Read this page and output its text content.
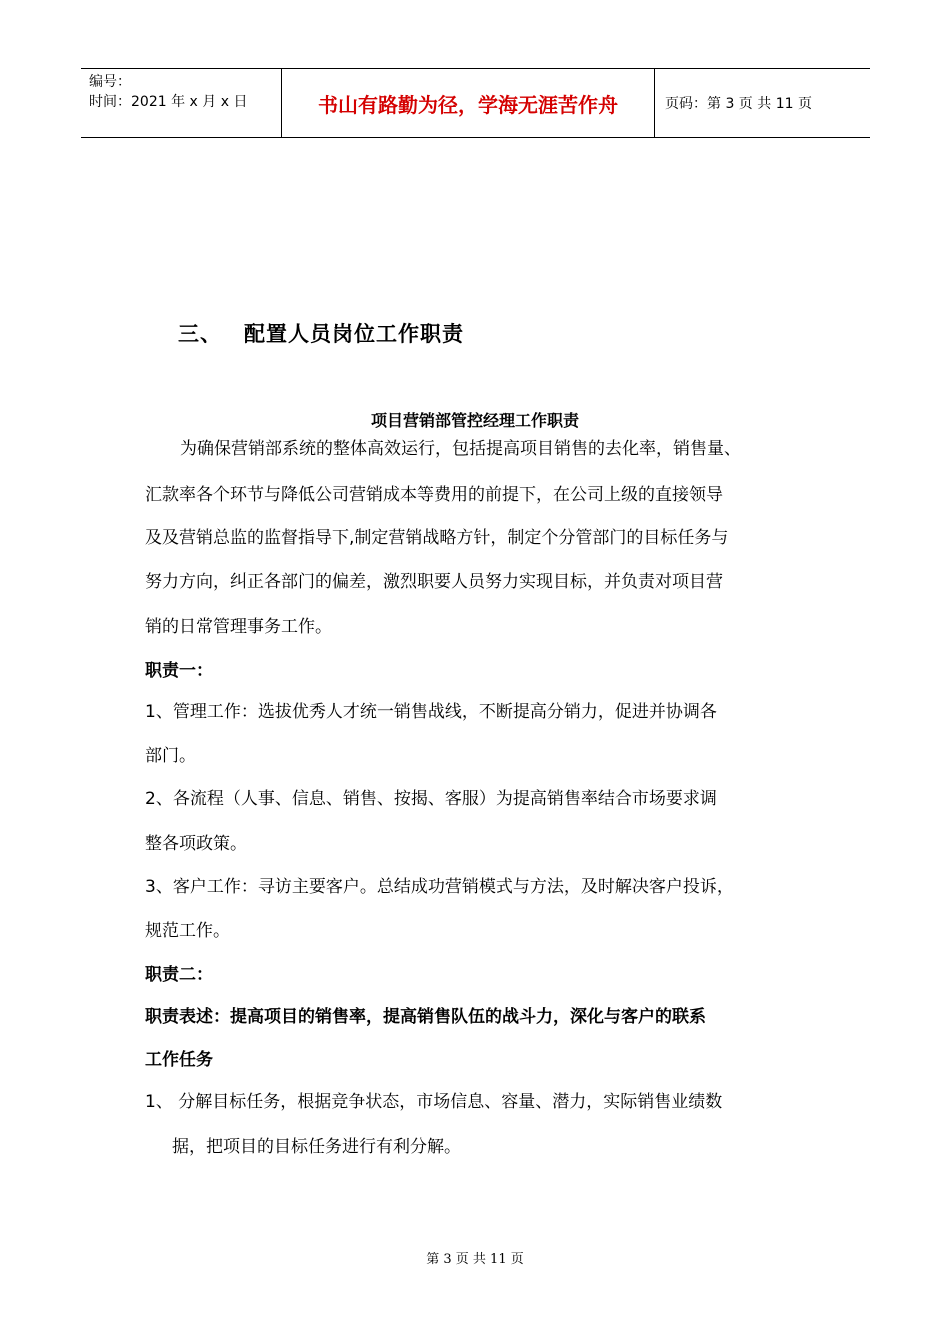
编号：
时间：2021 年 x 月 x 日	书山有路勤为径，学海无涯苦作舟	页码：第 3 页 共 11 页
三、 配置人员岗位工作职责
项目营销部管控经理工作职责
为确保营销部系统的整体高效运行，包括提高项目销售的去化率，销售量、
汇款率各个环节与降低公司营销成本等费用的前提下，在公司上级的直接领导
及及营销总监的监督指导下,制定营销战略方针，制定个分管部门的目标任务与
努力方向，纠正各部门的偏差，激烈职要人员努力实现目标，并负责对项目营
销的日常管理事务工作。
职责一：
1、管理工作：选拔优秀人才统一销售战线，不断提高分销力，促进并协调各
部门。
2、各流程（人事、信息、销售、按揭、客服）为提高销售率结合市场要求调
整各项政策。
3、客户工作：寻访主要客户。总结成功营销模式与方法，及时解决客户投诉，
规范工作。
职责二：
职责表述：提高项目的销售率，提高销售队伍的战斗力，深化与客户的联系
工作任务
1、 分解目标任务，根据竞争状态，市场信息、容量、潜力，实际销售业绩数
据，把项目的目标任务进行有利分解。
第 3 页 共 11 页
